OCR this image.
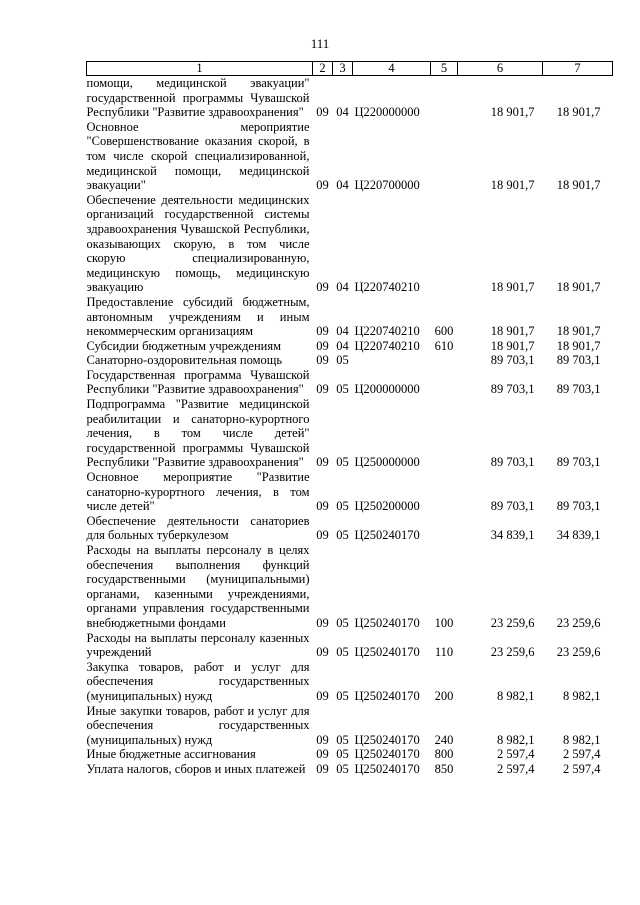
111
1	2	3	4	5	6	7
помощи, медицинской эвакуации" государственной программы Чувашской Республики "Развитие здравоохранения"	09	04	Ц220000000		18 901,7	18 901,7
Основное мероприятие "Совершенствование оказания скорой, в том числе скорой специализированной, медицинской помощи, медицинской эвакуации"	09	04	Ц220700000		18 901,7	18 901,7
Обеспечение деятельности медицинских организаций государственной системы здравоохранения Чувашской Республики, оказывающих скорую, в том числе скорую специализированную, медицинскую помощь, медицинскую эвакуацию	09	04	Ц220740210		18 901,7	18 901,7
Предоставление субсидий бюджетным, автономным учреждениям и иным некоммерческим организациям	09	04	Ц220740210	600	18 901,7	18 901,7
Субсидии бюджетным учреждениям	09	04	Ц220740210	610	18 901,7	18 901,7
Санаторно-оздоровительная помощь	09	05			89 703,1	89 703,1
Государственная программа Чувашской Республики "Развитие здравоохранения"	09	05	Ц200000000		89 703,1	89 703,1
Подпрограмма "Развитие медицинской реабилитации и санаторно-курортного лечения, в том числе детей" государственной программы Чувашской Республики "Развитие здравоохранения"	09	05	Ц250000000		89 703,1	89 703,1
Основное мероприятие "Развитие санаторно-курортного лечения, в том числе детей"	09	05	Ц250200000		89 703,1	89 703,1
Обеспечение деятельности санаториев для больных туберкулезом	09	05	Ц250240170		34 839,1	34 839,1
Расходы на выплаты персоналу в целях обеспечения выполнения функций государственными (муниципальными) органами, казенными учреждениями, органами управления государственными внебюджетными фондами	09	05	Ц250240170	100	23 259,6	23 259,6
Расходы на выплаты персоналу казенных учреждений	09	05	Ц250240170	110	23 259,6	23 259,6
Закупка товаров, работ и услуг для обеспечения государственных (муниципальных) нужд	09	05	Ц250240170	200	8 982,1	8 982,1
Иные закупки товаров, работ и услуг для обеспечения государственных (муниципальных) нужд	09	05	Ц250240170	240	8 982,1	8 982,1
Иные бюджетные ассигнования	09	05	Ц250240170	800	2 597,4	2 597,4
Уплата налогов, сборов и иных платежей	09	05	Ц250240170	850	2 597,4	2 597,4
